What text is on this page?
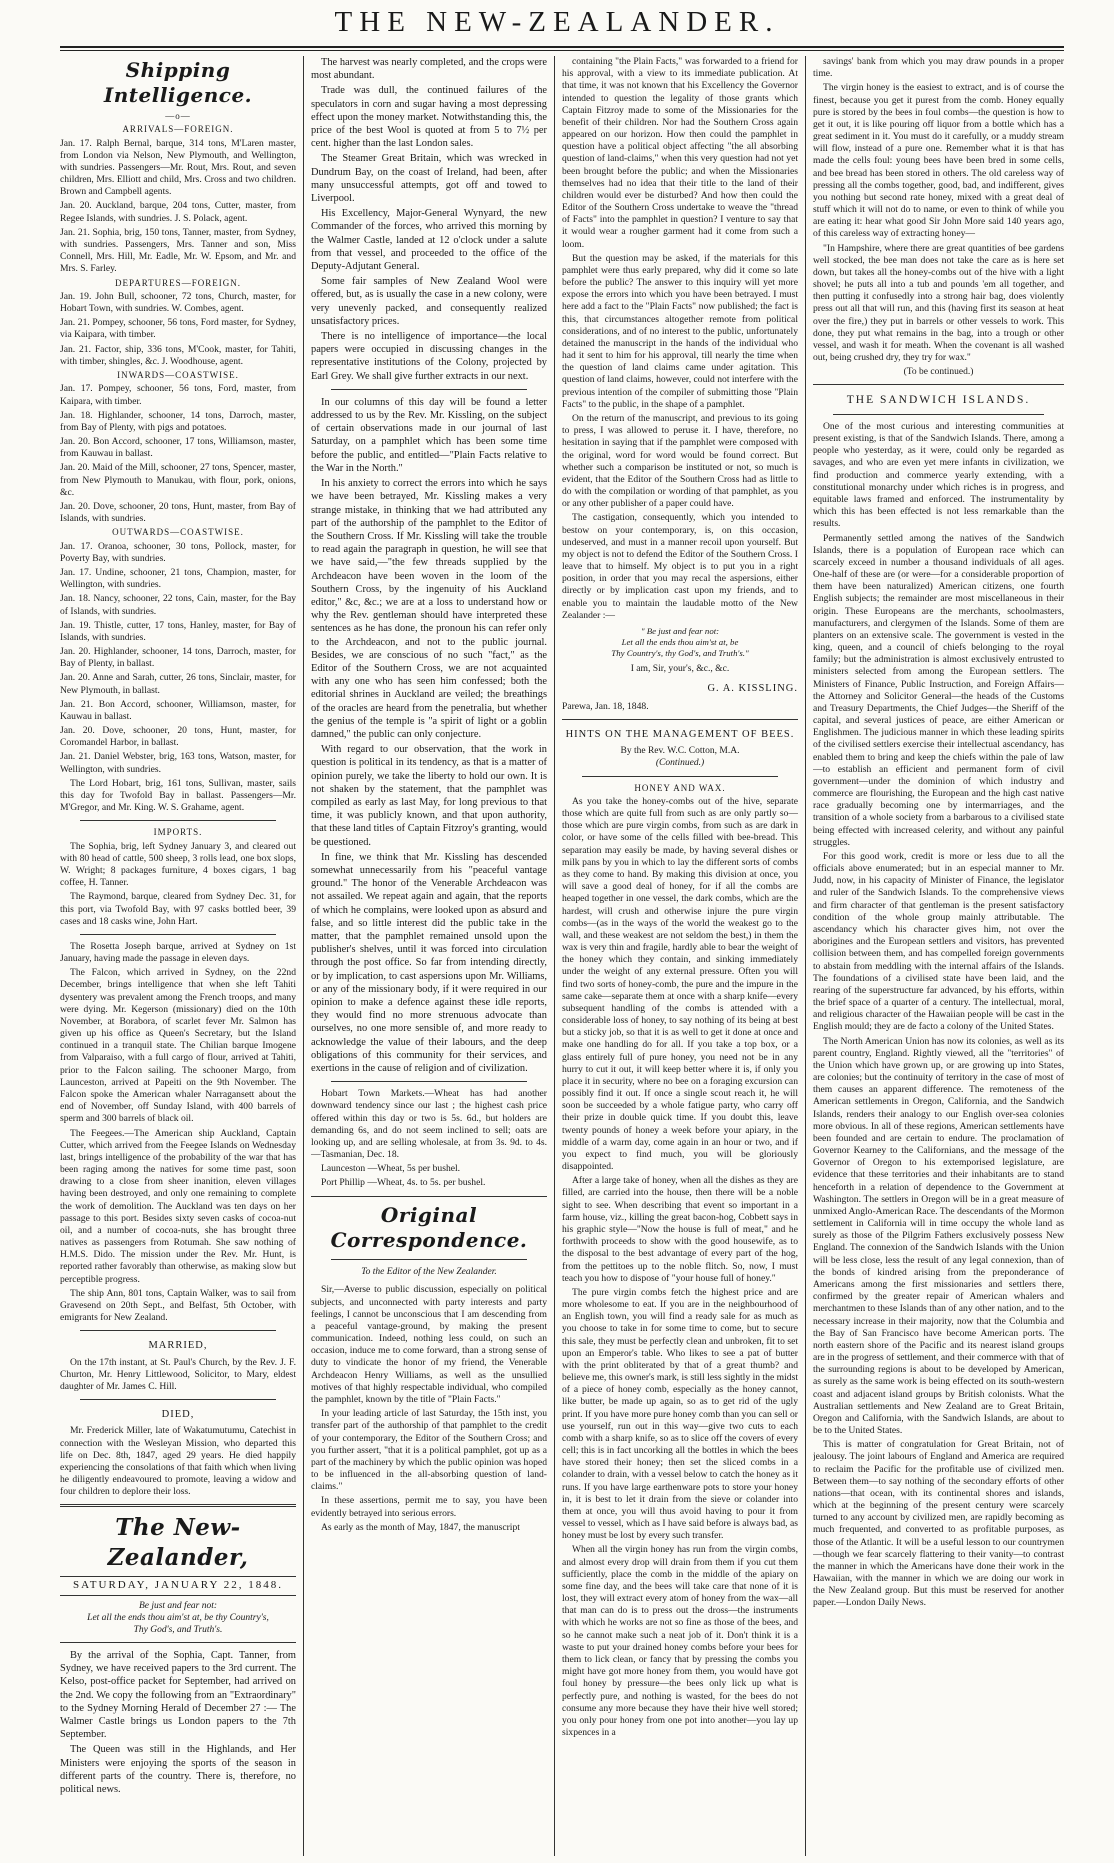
THE NEW-ZEALANDER.
Shipping Intelligence.
—o—
ARRIVALS—FOREIGN.

Jan. 17. Ralph Bernal, barque, 314 tons, M'Laren master, from London via Nelson, New Plymouth, and Wellington, with sundries. Passengers—Mr. Rout, Mrs. Rout, and seven children, Mrs. Elliott and child, Mrs. Cross and two children. Brown and Campbell agents.

Jan. 20. Auckland, barque, 204 tons, Cutter, master, from Regee Islands, with sundries. J. S. Polack, agent.

Jan. 21. Sophia, brig, 150 tons, Tanner, master, from Sydney, with sundries. Passengers, Mrs. Tanner and son, Miss Connell, Mrs. Hill, Mr. Eadle, Mr. W. Epsom, and Mr. and Mrs. S. Farley.

DEPARTURES—FOREIGN.

Jan. 19. John Bull, schooner, 72 tons, Church, master, for Hobart Town, with sundries. W. Combes, agent.

Jan. 21. Pompey, schooner, 56 tons, Ford master, for Sydney, via Kaipara, with timber.

Jan. 21. Factor, ship, 336 tons, M'Cook, master, for Tahiti, with timber, shingles, &c. J. Woodhouse, agent.

INWARDS—COASTWISE.

Jan. 17. Pompey, schooner, 56 tons, Ford, master, from Kaipara, with timber.

Jan. 18. Highlander, schooner, 14 tons, Darroch, master, from Bay of Plenty, with pigs and potatoes.

Jan. 20. Bon Accord, schooner, 17 tons, Williamson, master, from Kauwau in ballast.

Jan. 20. Maid of the Mill, schooner, 27 tons, Spencer, master, from New Plymouth to Manukau, with flour, pork, onions, &c.

Jan. 20. Dove, schooner, 20 tons, Hunt, master, from Bay of Islands, with sundries.

OUTWARDS—COASTWISE.

Jan. 17. Oranoa, schooner, 30 tons, Pollock, master, for Poverty Bay, with sundries.

Jan. 17. Undine, schooner, 21 tons, Champion, master, for Wellington, with sundries.

Jan. 18. Nancy, schooner, 22 tons, Cain, master, for the Bay of Islands, with sundries.

Jan. 19. Thistle, cutter, 17 tons, Hanley, master, for Bay of Islands, with sundries.

Jan. 20. Highlander, schooner, 14 tons, Darroch, master, for Bay of Plenty, in ballast.

Jan. 20. Anne and Sarah, cutter, 26 tons, Sinclair, master, for New Plymouth, in ballast.

Jan. 21. Bon Accord, schooner, Williamson, master, for Kauwau in ballast.

Jan. 20. Dove, schooner, 20 tons, Hunt, master, for Coromandel Harbor, in ballast.

Jan. 21. Daniel Webster, brig, 163 tons, Watson, master, for Wellington, with sundries.

The Lord Hobart, brig, 161 tons, Sullivan, master, sails this day for Twofold Bay in ballast. Passengers—Mr. M'Gregor, and Mr. King. W. S. Grahame, agent.

IMPORTS.

The Sophia, brig, left Sydney January 3, and cleared out with 80 head of cattle, 500 sheep, 3 rolls lead, one box slops, W. Wright; 8 packages furniture, 4 boxes cigars, 1 bag coffee, H. Tanner.

The Raymond, barque, cleared from Sydney Dec. 31, for this port, via Twofold Bay, with 97 casks bottled beer, 39 cases and 18 casks wine, John Hart.

The Rosetta Joseph barque, arrived at Sydney on 1st January, having made the passage in eleven days.

The Falcon, which arrived in Sydney, on the 22nd December, brings intelligence that when she left Tahiti dysentery was prevalent among the French troops, and many were dying. Mr. Kegerson (missionary) died on the 10th November, at Borabora, of scarlet fever Mr. Salmon has given up his office as Queen's Secretary, but the Island continued in a tranquil state. The Chilian barque Imogene from Valparaiso, with a full cargo of flour, arrived at Tahiti, prior to the Falcon sailing. The schooner Margo, from Launceston, arrived at Papeiti on the 9th November. The Falcon spoke the American whaler Narragansett about the end of November, off Sunday Island, with 400 barrels of sperm and 300 barrels of black oil.

The Feegees.—The American ship Auckland, Captain Cutter, which arrived from the Feegee Islands on Wednesday last, brings intelligence of the probability of the war that has been raging among the natives for some time past, soon drawing to a close from sheer inanition, eleven villages having been destroyed, and only one remaining to complete the work of demolition. The Auckland was ten days on her passage to this port. Besides sixty seven casks of cocoa-nut oil, and a number of cocoa-nuts, she has brought three natives as passengers from Rotumah. She saw nothing of H.M.S. Dido. The mission under the Rev. Mr. Hunt, is reported rather favorably than otherwise, as making slow but perceptible progress.

The ship Ann, 801 tons, Captain Walker, was to sail from Gravesend on 20th Sept., and Belfast, 5th October, with emigrants for New Zealand.

MARRIED,

On the 17th instant, at St. Paul's Church, by the Rev. J. F. Churton, Mr. Henry Littlewood, Solicitor, to Mary, eldest daughter of Mr. James C. Hill.

DIED,

Mr. Frederick Miller, late of Wakatumutumu, Catechist in connection with the Wesleyan Mission, who departed this life on Dec. 8th, 1847, aged 29 years. He died happily experiencing the consolations of that faith which when living he diligently endeavoured to promote, leaving a widow and four children to deplore their loss.

The New-Zealander,
SATURDAY, JANUARY 22, 1848.
Be just and fear not:
Let all the ends thou aim'st at, be thy Country's,
Thy God's, and Truth's.

By the arrival of the Sophia, Capt. Tanner, from Sydney, we have received papers to the 3rd current. The Kelso, post-office packet for September, had arrived on the 2nd. We copy the following from an "Extraordinary" to the Sydney Morning Herald of December 27 :— The Walmer Castle brings us London papers to the 7th September.

The Queen was still in the Highlands, and Her Ministers were enjoying the sports of the season in different parts of the country. There is, therefore, no political news.

The harvest was nearly completed, and the crops were most abundant.

Trade was dull, the continued failures of the speculators in corn and sugar having a most depressing effect upon the money market. Notwithstanding this, the price of the best Wool is quoted at from 5 to 7½ per cent. higher than the last London sales.

The Steamer Great Britain, which was wrecked in Dundrum Bay, on the coast of Ireland, had been, after many unsuccessful attempts, got off and towed to Liverpool.

His Excellency, Major-General Wynyard, the new Commander of the forces, who arrived this morning by the Walmer Castle, landed at 12 o'clock under a salute from that vessel, and proceeded to the office of the Deputy-Adjutant General.

Some fair samples of New Zealand Wool were offered, but, as is usually the case in a new colony, were very unevenly packed, and consequently realized unsatisfactory prices.

There is no intelligence of importance—the local papers were occupied in discussing changes in the representative institutions of the Colony, projected by Earl Grey. We shall give further extracts in our next.

In our columns of this day will be found a letter addressed to us by the Rev. Mr. Kissling, on the subject of certain observations made in our journal of last Saturday, on a pamphlet which has been some time before the public, and entitled—"Plain Facts relative to the War in the North."

In his anxiety to correct the errors into which he says we have been betrayed, Mr. Kissling makes a very strange mistake, in thinking that we had attributed any part of the authorship of the pamphlet to the Editor of the Southern Cross. If Mr. Kissling will take the trouble to read again the paragraph in question, he will see that we have said,—"the few threads supplied by the Archdeacon have been woven in the loom of the Southern Cross, by the ingenuity of his Auckland editor," &c, &c.; we are at a loss to understand how or why the Rev. gentleman should have interpreted these sentences as he has done, the pronoun his can refer only to the Archdeacon, and not to the public journal. Besides, we are conscious of no such "fact," as the Editor of the Southern Cross, we are not acquainted with any one who has seen him confessed; both the editorial shrines in Auckland are veiled; the breathings of the oracles are heard from the penetralia, but whether the genius of the temple is "a spirit of light or a goblin damned," the public can only conjecture.

With regard to our observation, that the work in question is political in its tendency, as that is a matter of opinion purely, we take the liberty to hold our own. It is not shaken by the statement, that the pamphlet was compiled as early as last May, for long previous to that time, it was publicly known, and that upon authority, that these land titles of Captain Fitzroy's granting, would be questioned.

In fine, we think that Mr. Kissling has descended somewhat unnecessarily from his "peaceful vantage ground." The honor of the Venerable Archdeacon was not assailed. We repeat again and again, that the reports of which he complains, were looked upon as absurd and false, and so little interest did the public take in the matter, that the pamphlet remained unsold upon the publisher's shelves, until it was forced into circulation through the post office. So far from intending directly, or by implication, to cast aspersions upon Mr. Williams, or any of the missionary body, if it were required in our opinion to make a defence against these idle reports, they would find no more strenuous advocate than ourselves, no one more sensible of, and more ready to acknowledge the value of their labours, and the deep obligations of this community for their services, and exertions in the cause of religion and of civilization.

Hobart Town Markets.—Wheat has had another downward tendency since our last ; the highest cash price offered within this day or two is 5s. 6d., but holders are demanding 6s, and do not seem inclined to sell; oats are looking up, and are selling wholesale, at from 3s. 9d. to 4s.—Tasmanian, Dec. 18.

Launceston —Wheat, 5s per bushel.

Port Phillip —Wheat, 4s. to 5s. per bushel.

Original Correspondence.
To the Editor of the New Zealander.

Sir,—Averse to public discussion, especially on political subjects, and unconnected with party interests and party feelings, I cannot be unconscious that I am descending from a peaceful vantage-ground, by making the present communication. Indeed, nothing less could, on such an occasion, induce me to come forward, than a strong sense of duty to vindicate the honor of my friend, the Venerable Archdeacon Henry Williams, as well as the unsullied motives of that highly respectable individual, who compiled the pamphlet, known by the title of "Plain Facts."

In your leading article of last Saturday, the 15th inst, you transfer part of the authorship of that pamphlet to the credit of your contemporary, the Editor of the Southern Cross; and you further assert, "that it is a political pamphlet, got up as a part of the machinery by which the public opinion was hoped to be influenced in the all-absorbing question of land-claims."

In these assertions, permit me to say, you have been evidently betrayed into serious errors.

As early as the month of May, 1847, the manuscript

containing "the Plain Facts," was forwarded to a friend for his approval, with a view to its immediate publication. At that time, it was not known that his Excellency the Governor intended to question the legality of those grants which Captain Fitzroy made to some of the Missionaries for the benefit of their children. Nor had the Southern Cross again appeared on our horizon. How then could the pamphlet in question have a political object affecting "the all absorbing question of land-claims," when this very question had not yet been brought before the public; and when the Missionaries themselves had no idea that their title to the land of their children would ever be disturbed? And how then could the Editor of the Southern Cross undertake to weave the "thread of Facts" into the pamphlet in question? I venture to say that it would wear a rougher garment had it come from such a loom.

But the question may be asked, if the materials for this pamphlet were thus early prepared, why did it come so late before the public? The answer to this inquiry will yet more expose the errors into which you have been betrayed. I must here add a fact to the "Plain Facts" now published; the fact is this, that circumstances altogether remote from political considerations, and of no interest to the public, unfortunately detained the manuscript in the hands of the individual who had it sent to him for his approval, till nearly the time when the question of land claims came under agitation. This question of land claims, however, could not interfere with the previous intention of the compiler of submitting those "Plain Facts" to the public, in the shape of a pamphlet.

On the return of the manuscript, and previous to its going to press, I was allowed to peruse it. I have, therefore, no hesitation in saying that if the pamphlet were composed with the original, word for word would be found correct. But whether such a comparison be instituted or not, so much is evident, that the Editor of the Southern Cross had as little to do with the compilation or wording of that pamphlet, as you or any other publisher of a paper could have.

The castigation, consequently, which you intended to bestow on your contemporary, is, on this occasion, undeserved, and must in a manner recoil upon yourself. But my object is not to defend the Editor of the Southern Cross. I leave that to himself. My object is to put you in a right position, in order that you may recal the aspersions, either directly or by implication cast upon my friends, and to enable you to maintain the laudable motto of the New Zealander :—

" Be just and fear not:
Let all the ends thou aim'st at, be
Thy Country's, thy God's, and Truth's."

I am, Sir, your's, &c., &c.

G. A. KISSLING.

Parewa, Jan. 18, 1848.

HINTS ON THE MANAGEMENT OF BEES.
By the Rev. W.C. Cotton, M.A.
(Continued.)
HONEY AND WAX.

As you take the honey-combs out of the hive, separate those which are quite full from such as are only partly so—those which are pure virgin combs, from such as are dark in color, or have some of the cells filled with bee-bread. This separation may easily be made, by having several dishes or milk pans by you in which to lay the different sorts of combs as they come to hand. By making this division at once, you will save a good deal of honey, for if all the combs are heaped together in one vessel, the dark combs, which are the hardest, will crush and otherwise injure the pure virgin combs—(as in the ways of the world the weakest go to the wall, and these weakest are not seldom the best,) in them the wax is very thin and fragile, hardly able to bear the weight of the honey which they contain, and sinking immediately under the weight of any external pressure. Often you will find two sorts of honey-comb, the pure and the impure in the same cake—separate them at once with a sharp knife—every subsequent handling of the combs is attended with a considerable loss of honey, to say nothing of its being at best but a sticky job, so that it is as well to get it done at once and make one handling do for all. If you take a top box, or a glass entirely full of pure honey, you need not be in any hurry to cut it out, it will keep better where it is, if only you place it in security, where no bee on a foraging excursion can possibly find it out. If once a single scout reach it, he will soon be succeeded by a whole fatigue party, who carry off their prize in double quick time. If you doubt this, leave twenty pounds of honey a week before your apiary, in the middle of a warm day, come again in an hour or two, and if you expect to find much, you will be gloriously disappointed.

After a large take of honey, when all the dishes as they are filled, are carried into the house, then there will be a noble sight to see. When describing that event so important in a farm house, viz., killing the great bacon-hog, Cobbett says in his graphic style—"Now the house is full of meat," and he forthwith proceeds to show with the good housewife, as to the disposal to the best advantage of every part of the hog, from the pettitoes up to the noble flitch. So, now, I must teach you how to dispose of "your house full of honey."

The pure virgin combs fetch the highest price and are more wholesome to eat. If you are in the neighbourhood of an English town, you will find a ready sale for as much as you choose to take in for some time to come, but to secure this sale, they must be perfectly clean and unbroken, fit to set upon an Emperor's table. Who likes to see a pat of butter with the print obliterated by that of a great thumb? and believe me, this owner's mark, is still less sightly in the midst of a piece of honey comb, especially as the honey cannot, like butter, be made up again, so as to get rid of the ugly print. If you have more pure honey comb than you can sell or use yourself, run out in this way—give two cuts to each comb with a sharp knife, so as to slice off the covers of every cell; this is in fact uncorking all the bottles in which the bees have stored their honey; then set the sliced combs in a colander to drain, with a vessel below to catch the honey as it runs. If you have large earthenware pots to store your honey in, it is best to let it drain from the sieve or colander into them at once, you will thus avoid having to pour it from vessel to vessel, which as I have said before is always bad, as honey must be lost by every such transfer.

When all the virgin honey has run from the virgin combs, and almost every drop will drain from them if you cut them sufficiently, place the comb in the middle of the apiary on some fine day, and the bees will take care that none of it is lost, they will extract every atom of honey from the wax—all that man can do is to press out the dross—the instruments with which he works are not so fine as those of the bees, and so he cannot make such a neat job of it. Don't think it is a waste to put your drained honey combs before your bees for them to lick clean, or fancy that by pressing the combs you might have got more honey from them, you would have got foul honey by pressure—the bees only lick up what is perfectly pure, and nothing is wasted, for the bees do not consume any more because they have their hive well stored; you only pour honey from one pot into another—you lay up sixpences in a

savings' bank from which you may draw pounds in a proper time.

The virgin honey is the easiest to extract, and is of course the finest, because you get it purest from the comb. Honey equally pure is stored by the bees in foul combs—the question is how to get it out, it is like pouring off liquor from a bottle which has a great sediment in it. You must do it carefully, or a muddy stream will flow, instead of a pure one. Remember what it is that has made the cells foul: young bees have been bred in some cells, and bee bread has been stored in others. The old careless way of pressing all the combs together, good, bad, and indifferent, gives you nothing but second rate honey, mixed with a great deal of stuff which it will not do to name, or even to think of while you are eating it: hear what good Sir John More said 140 years ago, of this careless way of extracting honey—

"In Hampshire, where there are great quantities of bee gardens well stocked, the bee man does not take the care as is here set down, but takes all the honey-combs out of the hive with a light shovel; he puts all into a tub and pounds 'em all together, and then putting it confusedly into a strong hair bag, does violently press out all that will run, and this (having first its season at heat over the fire,) they put in barrels or other vessels to work. This done, they put what remains in the bag, into a trough or other vessel, and wash it for meath. When the covenant is all washed out, being crushed dry, they try for wax."

(To be continued.)
THE SANDWICH ISLANDS.

One of the most curious and interesting communities at present existing, is that of the Sandwich Islands. There, among a people who yesterday, as it were, could only be regarded as savages, and who are even yet mere infants in civilization, we find production and commerce yearly extending, with a constitutional monarchy under which riches is in progress, and equitable laws framed and enforced. The instrumentality by which this has been effected is not less remarkable than the results.

Permanently settled among the natives of the Sandwich Islands, there is a population of European race which can scarcely exceed in number a thousand individuals of all ages. One-half of these are (or were—for a considerable proportion of them have been naturalized) American citizens, one fourth English subjects; the remainder are most miscellaneous in their origin. These Europeans are the merchants, schoolmasters, manufacturers, and clergymen of the Islands. Some of them are planters on an extensive scale. The government is vested in the king, queen, and a council of chiefs belonging to the royal family; but the administration is almost exclusively entrusted to ministers selected from among the European settlers. The Ministers of Finance, Public Instruction, and Foreign Affairs—the Attorney and Solicitor General—the heads of the Customs and Treasury Departments, the Chief Judges—the Sheriff of the capital, and several justices of peace, are either American or Englishmen. The judicious manner in which these leading spirits of the civilised settlers exercise their intellectual ascendancy, has enabled them to bring and keep the chiefs within the pale of law—to establish an efficient and permanent form of civil government—under the dominion of which industry and commerce are flourishing, the European and the high cast native race gradually becoming one by intermarriages, and the transition of a whole society from a barbarous to a civilised state being effected with increased celerity, and without any painful struggles.

For this good work, credit is more or less due to all the officials above enumerated; but in an especial manner to Mr. Judd, now, in his capacity of Minister of Finance, the legislator and ruler of the Sandwich Islands. To the comprehensive views and firm character of that gentleman is the present satisfactory condition of the whole group mainly attributable. The ascendancy which his character gives him, not over the aborigines and the European settlers and visitors, has prevented collision between them, and has compelled foreign governments to abstain from meddling with the internal affairs of the Islands. The foundations of a civilised state have been laid, and the rearing of the superstructure far advanced, by his efforts, within the brief space of a quarter of a century. The intellectual, moral, and religious character of the Hawaiian people will be cast in the English mould; they are de facto a colony of the United States.

The North American Union has now its colonies, as well as its parent country, England. Rightly viewed, all the "territories" of the Union which have grown up, or are growing up into States, are colonies; but the continuity of territory in the case of most of them causes an apparent difference. The remoteness of the American settlements in Oregon, California, and the Sandwich Islands, renders their analogy to our English over-sea colonies more obvious. In all of these regions, American settlements have been founded and are certain to endure. The proclamation of Governor Kearney to the Californians, and the message of the Governor of Oregon to his extemporised legislature, are evidence that these territories and their inhabitants are to stand henceforth in a relation of dependence to the Government at Washington. The settlers in Oregon will be in a great measure of unmixed Anglo-American Race. The descendants of the Mormon settlement in California will in time occupy the whole land as surely as those of the Pilgrim Fathers exclusively possess New England. The connexion of the Sandwich Islands with the Union will be less close, less the result of any legal connexion, than of the bonds of kindred arising from the preponderance of Americans among the first missionaries and settlers there, confirmed by the greater repair of American whalers and merchantmen to these Islands than of any other nation, and to the necessary increase in their majority, now that the Columbia and the Bay of San Francisco have become American ports. The north eastern shore of the Pacific and its nearest island groups are in the progress of settlement, and their commerce with that of the surrounding regions is about to be developed by American, as surely as the same work is being effected on its south-western coast and adjacent island groups by British colonists. What the Australian settlements and New Zealand are to Great Britain, Oregon and California, with the Sandwich Islands, are about to be to the United States.

This is matter of congratulation for Great Britain, not of jealousy. The joint labours of England and America are required to reclaim the Pacific for the profitable use of civilized men. Between them—to say nothing of the secondary efforts of other nations—that ocean, with its continental shores and islands, which at the beginning of the present century were scarcely turned to any account by civilized men, are rapidly becoming as much frequented, and converted to as profitable purposes, as those of the Atlantic. It will be a useful lesson to our countrymen—though we fear scarcely flattering to their vanity—to contrast the manner in which the Americans have done their work in the Hawaiian, with the manner in which we are doing our work in the New Zealand group. But this must be reserved for another paper.—London Daily News.
